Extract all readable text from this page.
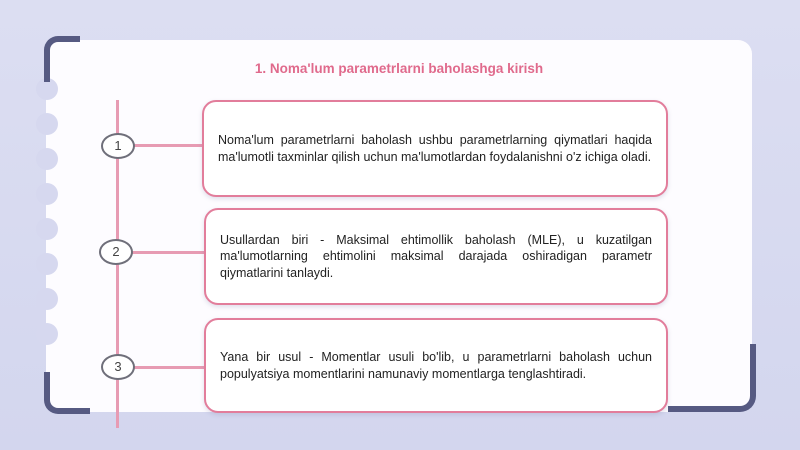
1. Noma'lum parametrlarni baholashga kirish
1	Noma'lum parametrlarni baholash ushbu parametrlarning qiymatlari haqida ma'lumotli taxminlar qilish uchun ma'lumotlardan foydalanishni o'z ichiga oladi.

2

Usullardan biri - Maksimal ehtimollik baholash (MLE), u kuzatilgan ma'lumotlarning ehtimolini maksimal darajada oshiradigan parametr qiymatlarini tanlaydi.

3

Yana bir usul - Momentlar usuli bo'lib, u parametrlarni baholash uchun populyatsiya momentlarini namunaviy momentlarga tenglashtiradi.
